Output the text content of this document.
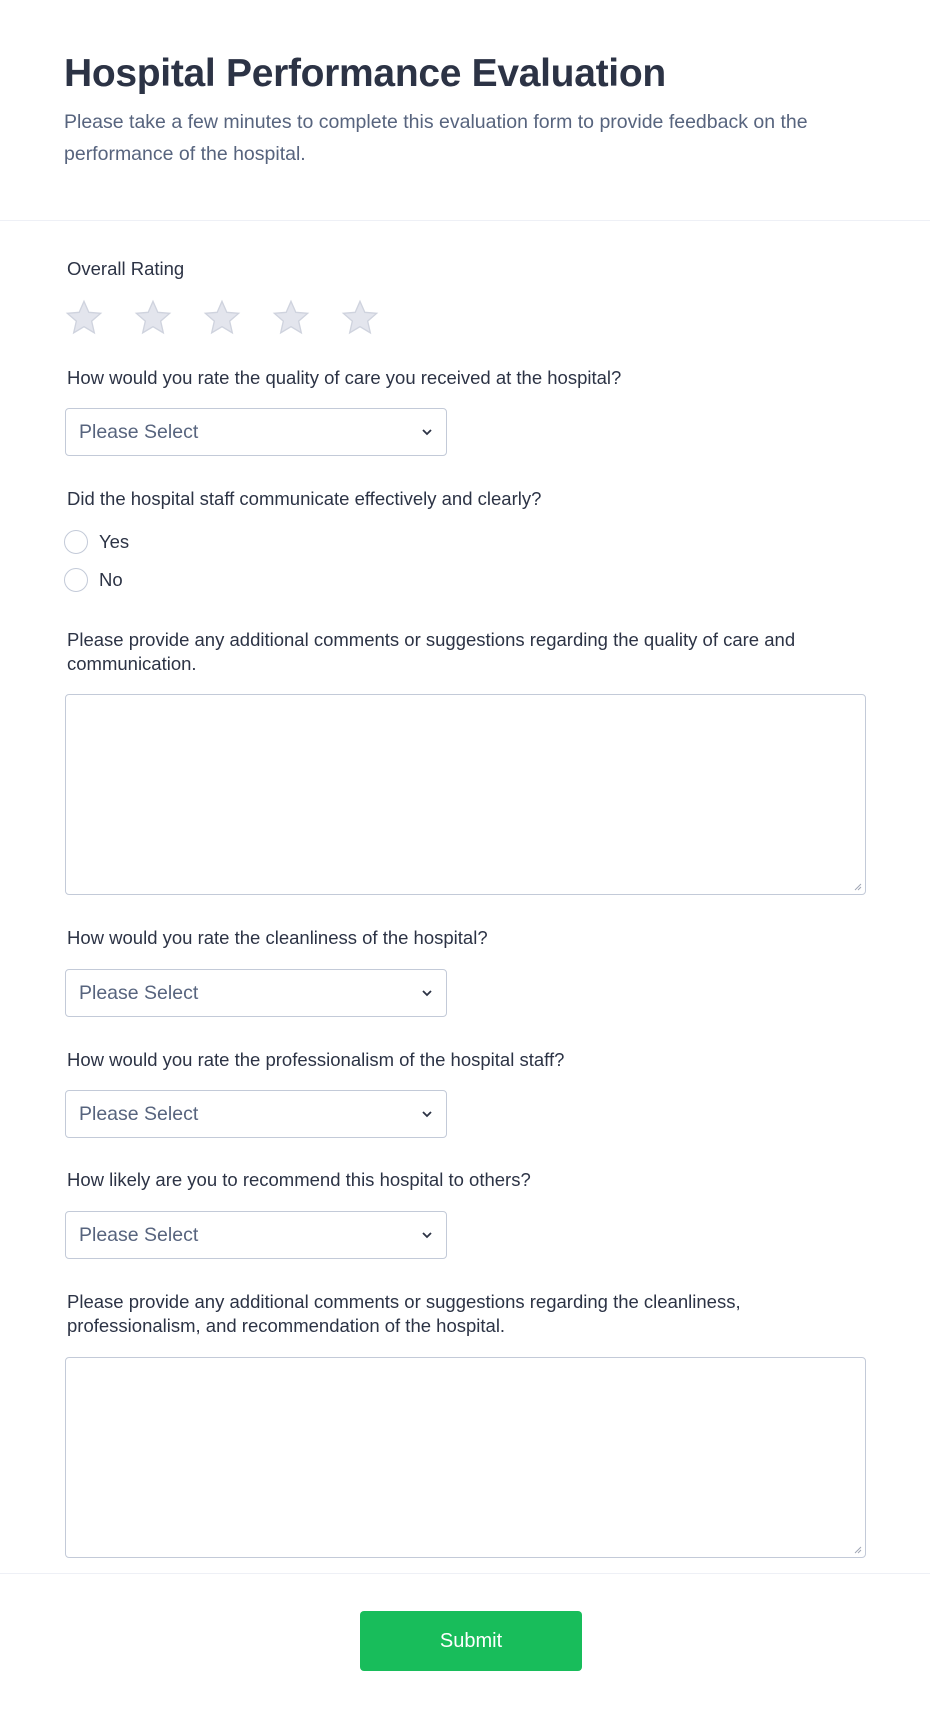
Hospital Performance Evaluation

Please take a few minutes to complete this evaluation form to provide feedback on the performance of the hospital.

Overall Rating
How would you rate the quality of care you received at the hospital?
Please Select
Did the hospital staff communicate effectively and clearly?
Yes
No
Please provide any additional comments or suggestions regarding the quality of care and communication.
How would you rate the cleanliness of the hospital?
Please Select
How would you rate the professionalism of the hospital staff?
Please Select
How likely are you to recommend this hospital to others?
Please Select
Please provide any additional comments or suggestions regarding the cleanliness, professionalism, and recommendation of the hospital.
Submit
